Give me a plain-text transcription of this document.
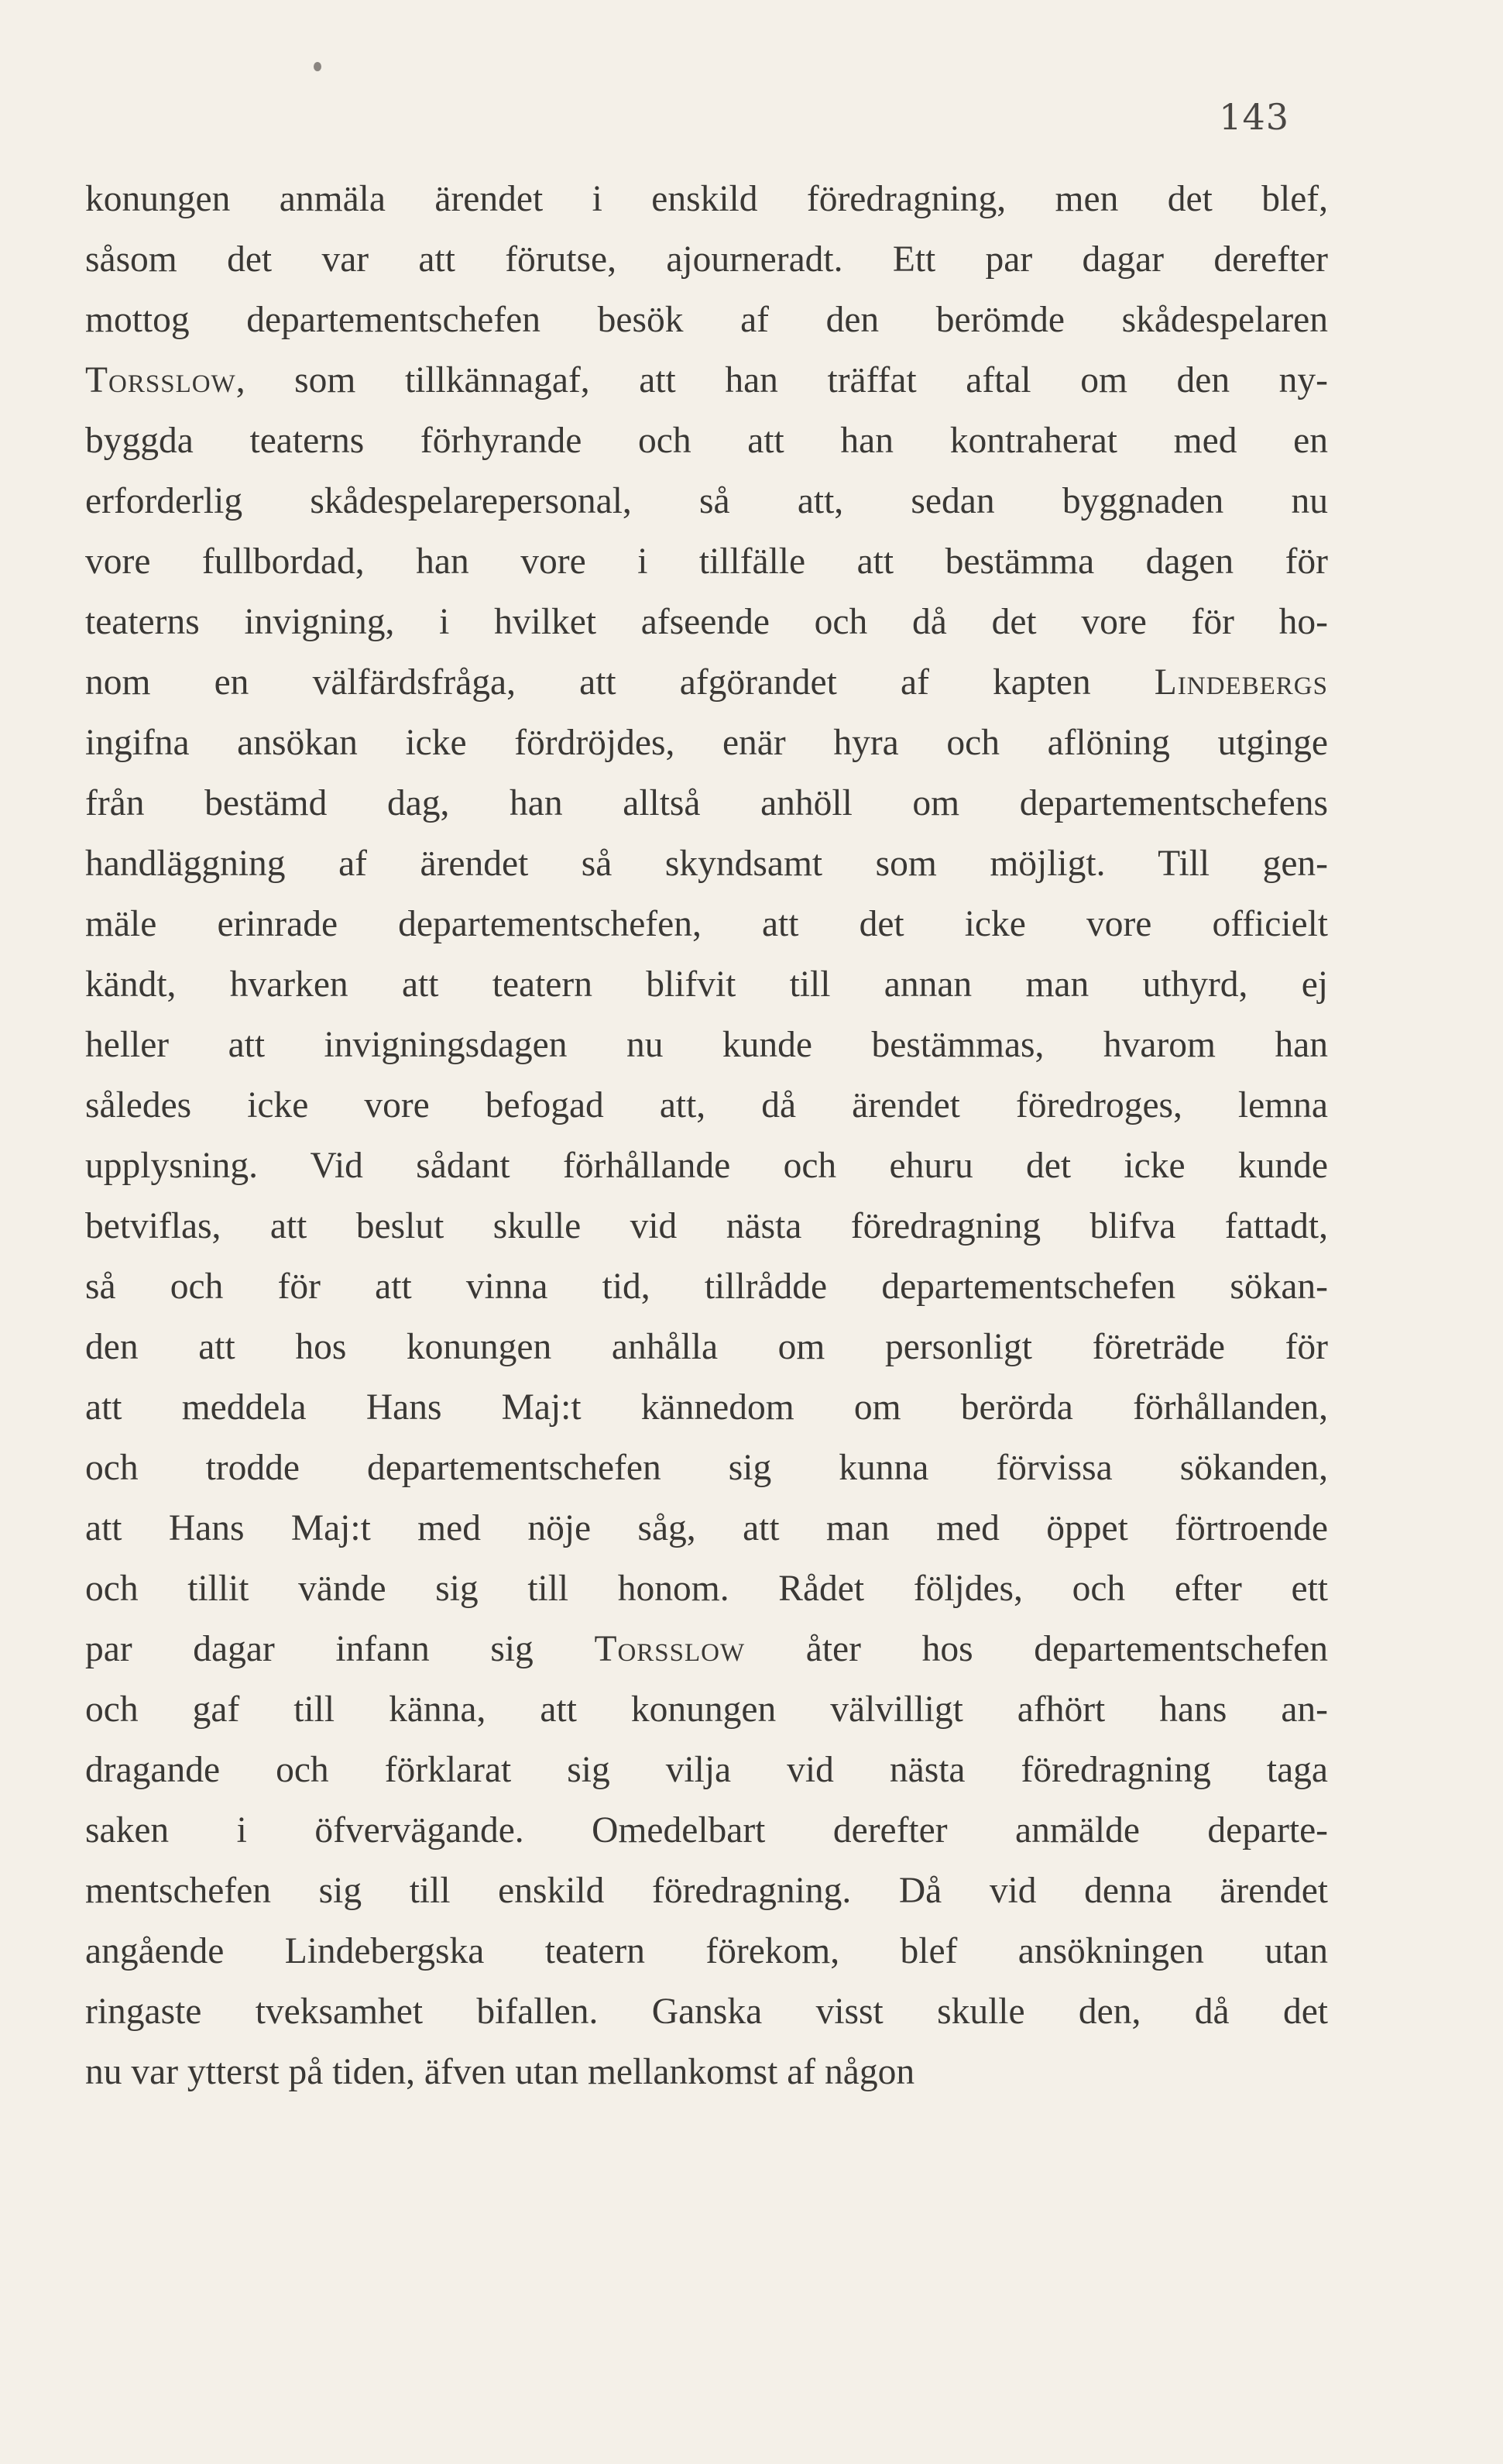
143
konungen anmäla ärendet i enskild föredragning, men det blef,
såsom det var att förutse, ajourneradt. Ett par dagar derefter
mottog departementschefen besök af den berömde skådespelaren
Torsslow, som tillkännagaf, att han träffat aftal om den ny-
byggda teaterns förhyrande och att han kontraherat med en
erforderlig skådespelarepersonal, så att, sedan byggnaden nu
vore fullbordad, han vore i tillfälle att bestämma dagen för
teaterns invigning, i hvilket afseende och då det vore för ho-
nom en välfärdsfråga, att afgörandet af kapten Lindebergs
ingifna ansökan icke fördröjdes, enär hyra och aflöning utginge
från bestämd dag, han alltså anhöll om departementschefens
handläggning af ärendet så skyndsamt som möjligt. Till gen-
mäle erinrade departementschefen, att det icke vore officielt
kändt, hvarken att teatern blifvit till annan man uthyrd, ej
heller att invigningsdagen nu kunde bestämmas, hvarom han
således icke vore befogad att, då ärendet föredroges, lemna
upplysning. Vid sådant förhållande och ehuru det icke kunde
betviflas, att beslut skulle vid nästa föredragning blifva fattadt,
så och för att vinna tid, tillrådde departementschefen sökan-
den att hos konungen anhålla om personligt företräde för
att meddela Hans Maj:t kännedom om berörda förhållanden,
och trodde departementschefen sig kunna förvissa sökanden,
att Hans Maj:t med nöje såg, att man med öppet förtroende
och tillit vände sig till honom. Rådet följdes, och efter ett
par dagar infann sig Torsslow åter hos departementschefen
och gaf till känna, att konungen välvilligt afhört hans an-
dragande och förklarat sig vilja vid nästa föredragning taga
saken i öfvervägande. Omedelbart derefter anmälde departe-
mentschefen sig till enskild föredragning. Då vid denna ärendet
angående Lindebergska teatern förekom, blef ansökningen utan
ringaste tveksamhet bifallen. Ganska visst skulle den, då det
nu var ytterst på tiden, äfven utan mellankomst af någon
